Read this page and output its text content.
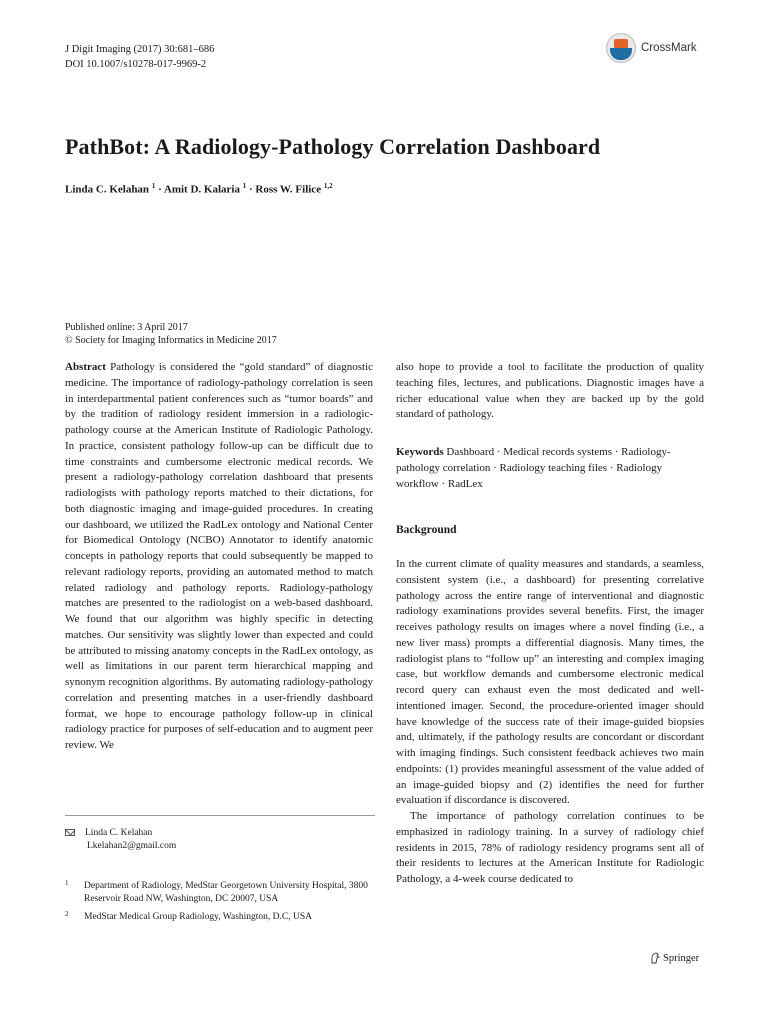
J Digit Imaging (2017) 30:681–686
DOI 10.1007/s10278-017-9969-2
CrossMark
PathBot: A Radiology-Pathology Correlation Dashboard
Linda C. Kelahan $^1$ · Amit D. Kalaria $^1$ · Ross W. Filice $^{1,2}$
Published online: 3 April 2017
© Society for Imaging Informatics in Medicine 2017

Abstract Pathology is considered the “gold standard” of diagnostic medicine. The importance of radiology-pathology correlation is seen in interdepartmental patient conferences such as “tumor boards” and by the tradition of radiology resident immersion in a radiologic-pathology course at the American Institute of Radiologic Pathology. In practice, consistent pathology follow-up can be difficult due to time constraints and cumbersome electronic medical records. We present a radiology-pathology correlation dashboard that presents radiologists with pathology reports matched to their dictations, for both diagnostic imaging and image-guided procedures. In creating our dashboard, we utilized the RadLex ontology and National Center for Biomedical Ontology (NCBO) Annotator to identify anatomic concepts in pathology reports that could subsequently be mapped to relevant radiology reports, providing an automated method to match related radiology and pathology reports. Radiology-pathology matches are presented to the radiologist on a web-based dashboard. We found that our algorithm was highly specific in detecting matches. Our sensitivity was slightly lower than expected and could be attributed to missing anatomy concepts in the RadLex ontology, as well as limitations in our parent term hierarchical mapping and synonym recognition algorithms. By automating radiology-pathology correlation and presenting matches in a user-friendly dashboard format, we hope to encourage pathology follow-up in clinical radiology practice for purposes of self-education and to augment peer review. We

also hope to provide a tool to facilitate the production of quality teaching files, lectures, and publications. Diagnostic images have a richer educational value when they are backed up by the gold standard of pathology.

Keywords Dashboard · Medical records systems · Radiology-pathology correlation · Radiology teaching files · Radiology workflow · RadLex
Background

In the current climate of quality measures and standards, a seamless, consistent system (i.e., a dashboard) for presenting correlative pathology across the entire range of interventional and diagnostic radiology examinations provides several benefits. First, the imager receives pathology results on images where a novel finding (i.e., a new liver mass) prompts a differential diagnosis. Many times, the radiologist plans to “follow up” an interesting and complex imaging case, but workflow demands and cumbersome electronic medical record query can exhaust even the most dedicated and well-intentioned imager. Second, the procedure-oriented imager should have knowledge of the success rate of their image-guided biopsies and, ultimately, if the pathology results are concordant or discordant with imaging findings. Such consistent feedback achieves two main endpoints: (1) provides meaningful assessment of the value added of an image-guided biopsy and (2) identifies the need for further evaluation if discordance is discovered.

The importance of pathology correlation continues to be emphasized in radiology training. In a survey of radiology chief residents in 2015, 78% of radiology residency programs sent all of their residents to lectures at the American Institute for Radiologic Pathology, a 4-week course dedicated to

Linda C. Kelahan
Lkelahan2@gmail.com
1	Department of Radiology, MedStar Georgetown University Hospital, 3800 Reservoir Road NW, Washington, DC 20007, USA
2	MedStar Medical Group Radiology, Washington, D.C, USA
Springer
